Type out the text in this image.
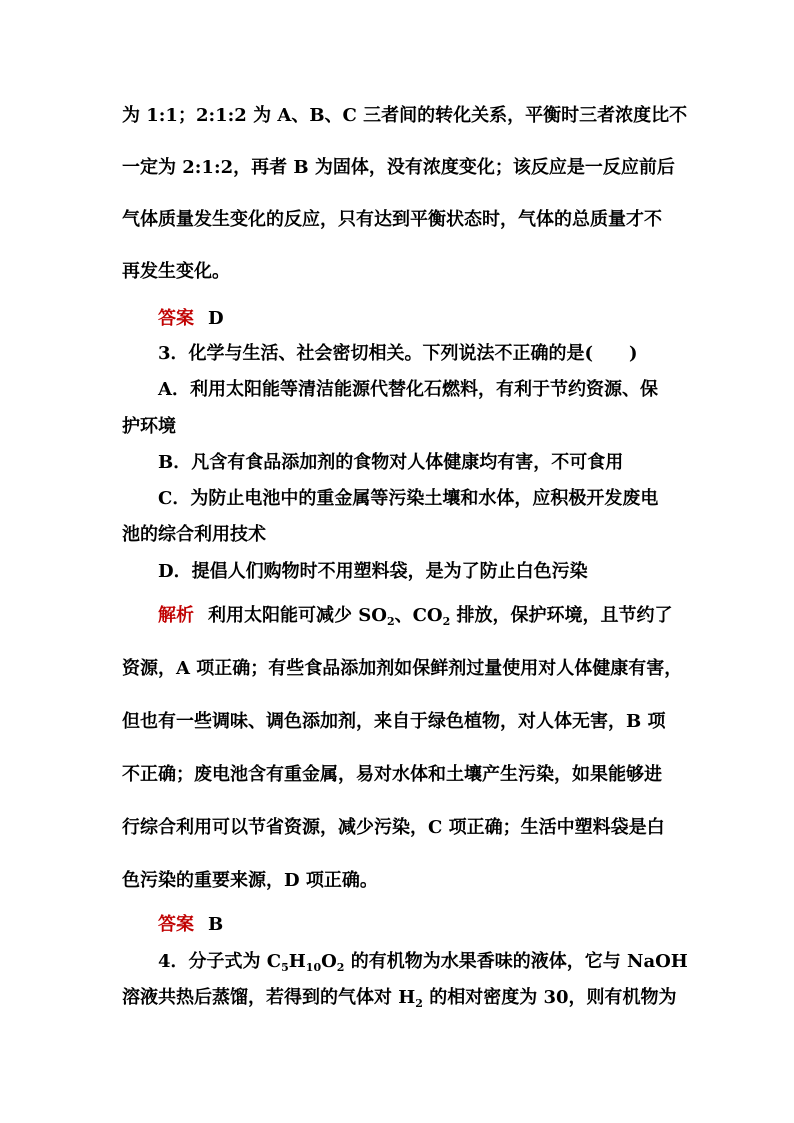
为 1:1；2:1:2 为 A、B、C 三者间的转化关系，平衡时三者浓度比不
一定为 2:1:2，再者 B 为固体，没有浓度变化；该反应是一反应前后
气体质量发生变化的反应，只有达到平衡状态时，气体的总质量才不
再发生变化。
答案 D
3．化学与生活、社会密切相关。下列说法不正确的是(　　)
A．利用太阳能等清洁能源代替化石燃料，有利于节约资源、保
护环境
B．凡含有食品添加剂的食物对人体健康均有害，不可食用
C．为防止电池中的重金属等污染土壤和水体，应积极开发废电
池的综合利用技术
D．提倡人们购物时不用塑料袋，是为了防止白色污染
解析 利用太阳能可减少 $SO_2$、$CO_2$ 排放，保护环境，且节约了
资源，A 项正确；有些食品添加剂如保鲜剂过量使用对人体健康有害，
但也有一些调味、调色添加剂，来自于绿色植物，对人体无害，B 项
不正确；废电池含有重金属，易对水体和土壤产生污染，如果能够进
行综合利用可以节省资源，减少污染，C 项正确；生活中塑料袋是白
色污染的重要来源，D 项正确。
答案 B
4．分子式为 $C_5H_{10}O_2$ 的有机物为水果香味的液体，它与 NaOH
溶液共热后蒸馏，若得到的气体对 $H_2$ 的相对密度为 30，则有机物为
